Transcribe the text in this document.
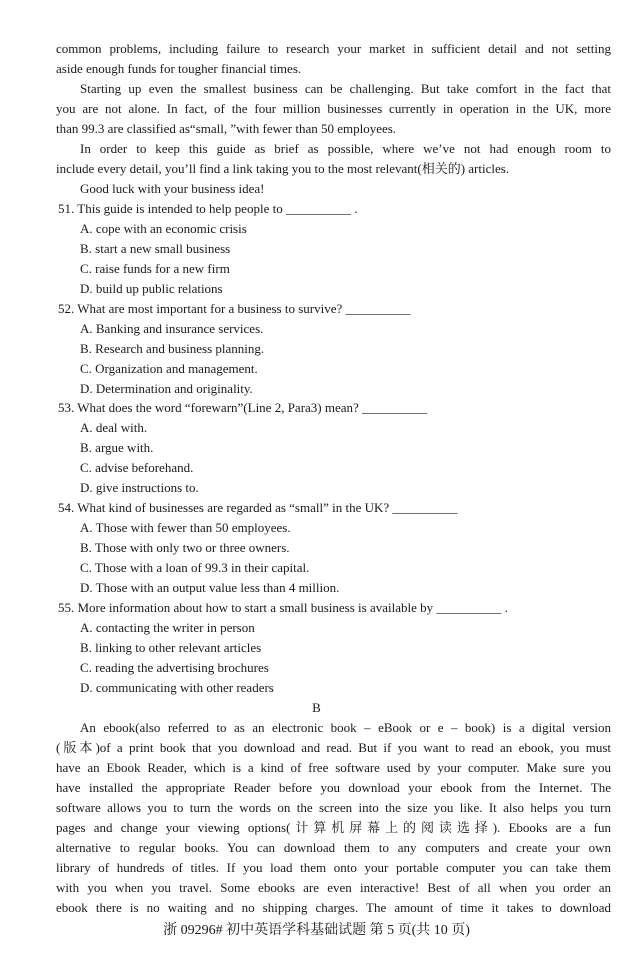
common problems, including failure to research your market in sufficient detail and not setting

aside enough funds for tougher financial times.

Starting up even the smallest business can be challenging. But take comfort in the fact that

you are not alone. In fact, of the four million businesses currently in operation in the UK, more

than 99.3 are classified as“small, ”with fewer than 50 employees.

In order to keep this guide as brief as possible, where we’ve not had enough room to

include every detail, you’ll find a link taking you to the most relevant(相关的) articles.

Good luck with your business idea!

51. This guide is intended to help people to __________ .

A. cope with an economic crisis

B. start a new small business

C. raise funds for a new firm

D. build up public relations

52. What are most important for a business to survive? __________

A. Banking and insurance services.

B. Research and business planning.

C. Organization and management.

D. Determination and originality.

53. What does the word “forewarn”(Line 2, Para3) mean? __________

A. deal with.

B. argue with.

C. advise beforehand.

D. give instructions to.

54. What kind of businesses are regarded as “small” in the UK? __________

A. Those with fewer than 50 employees.

B. Those with only two or three owners.

C. Those with a loan of 99.3 in their capital.

D. Those with an output value less than 4 million.

55. More information about how to start a small business is available by __________ .

A. contacting the writer in person

B. linking to other relevant articles

C. reading the advertising brochures

D. communicating with other readers

B

An ebook(also referred to as an electronic book – eBook or e – book) is a digital version

(版本)of a print book that you download and read. But if you want to read an ebook, you must

have an Ebook Reader, which is a kind of free software used by your computer. Make sure you

have installed the appropriate Reader before you download your ebook from the Internet. The

software allows you to turn the words on the screen into the size you like. It also helps you turn

pages and change your viewing options(计算机屏幕上的阅读选择). Ebooks are a fun

alternative to regular books. You can download them to any computers and create your own

library of hundreds of titles. If you load them onto your portable computer you can take them

with you when you travel. Some ebooks are even interactive! Best of all when you order an

ebook there is no waiting and no shipping charges. The amount of time it takes to download

浙 09296# 初中英语学科基础试题 第 5 页(共 10 页)
